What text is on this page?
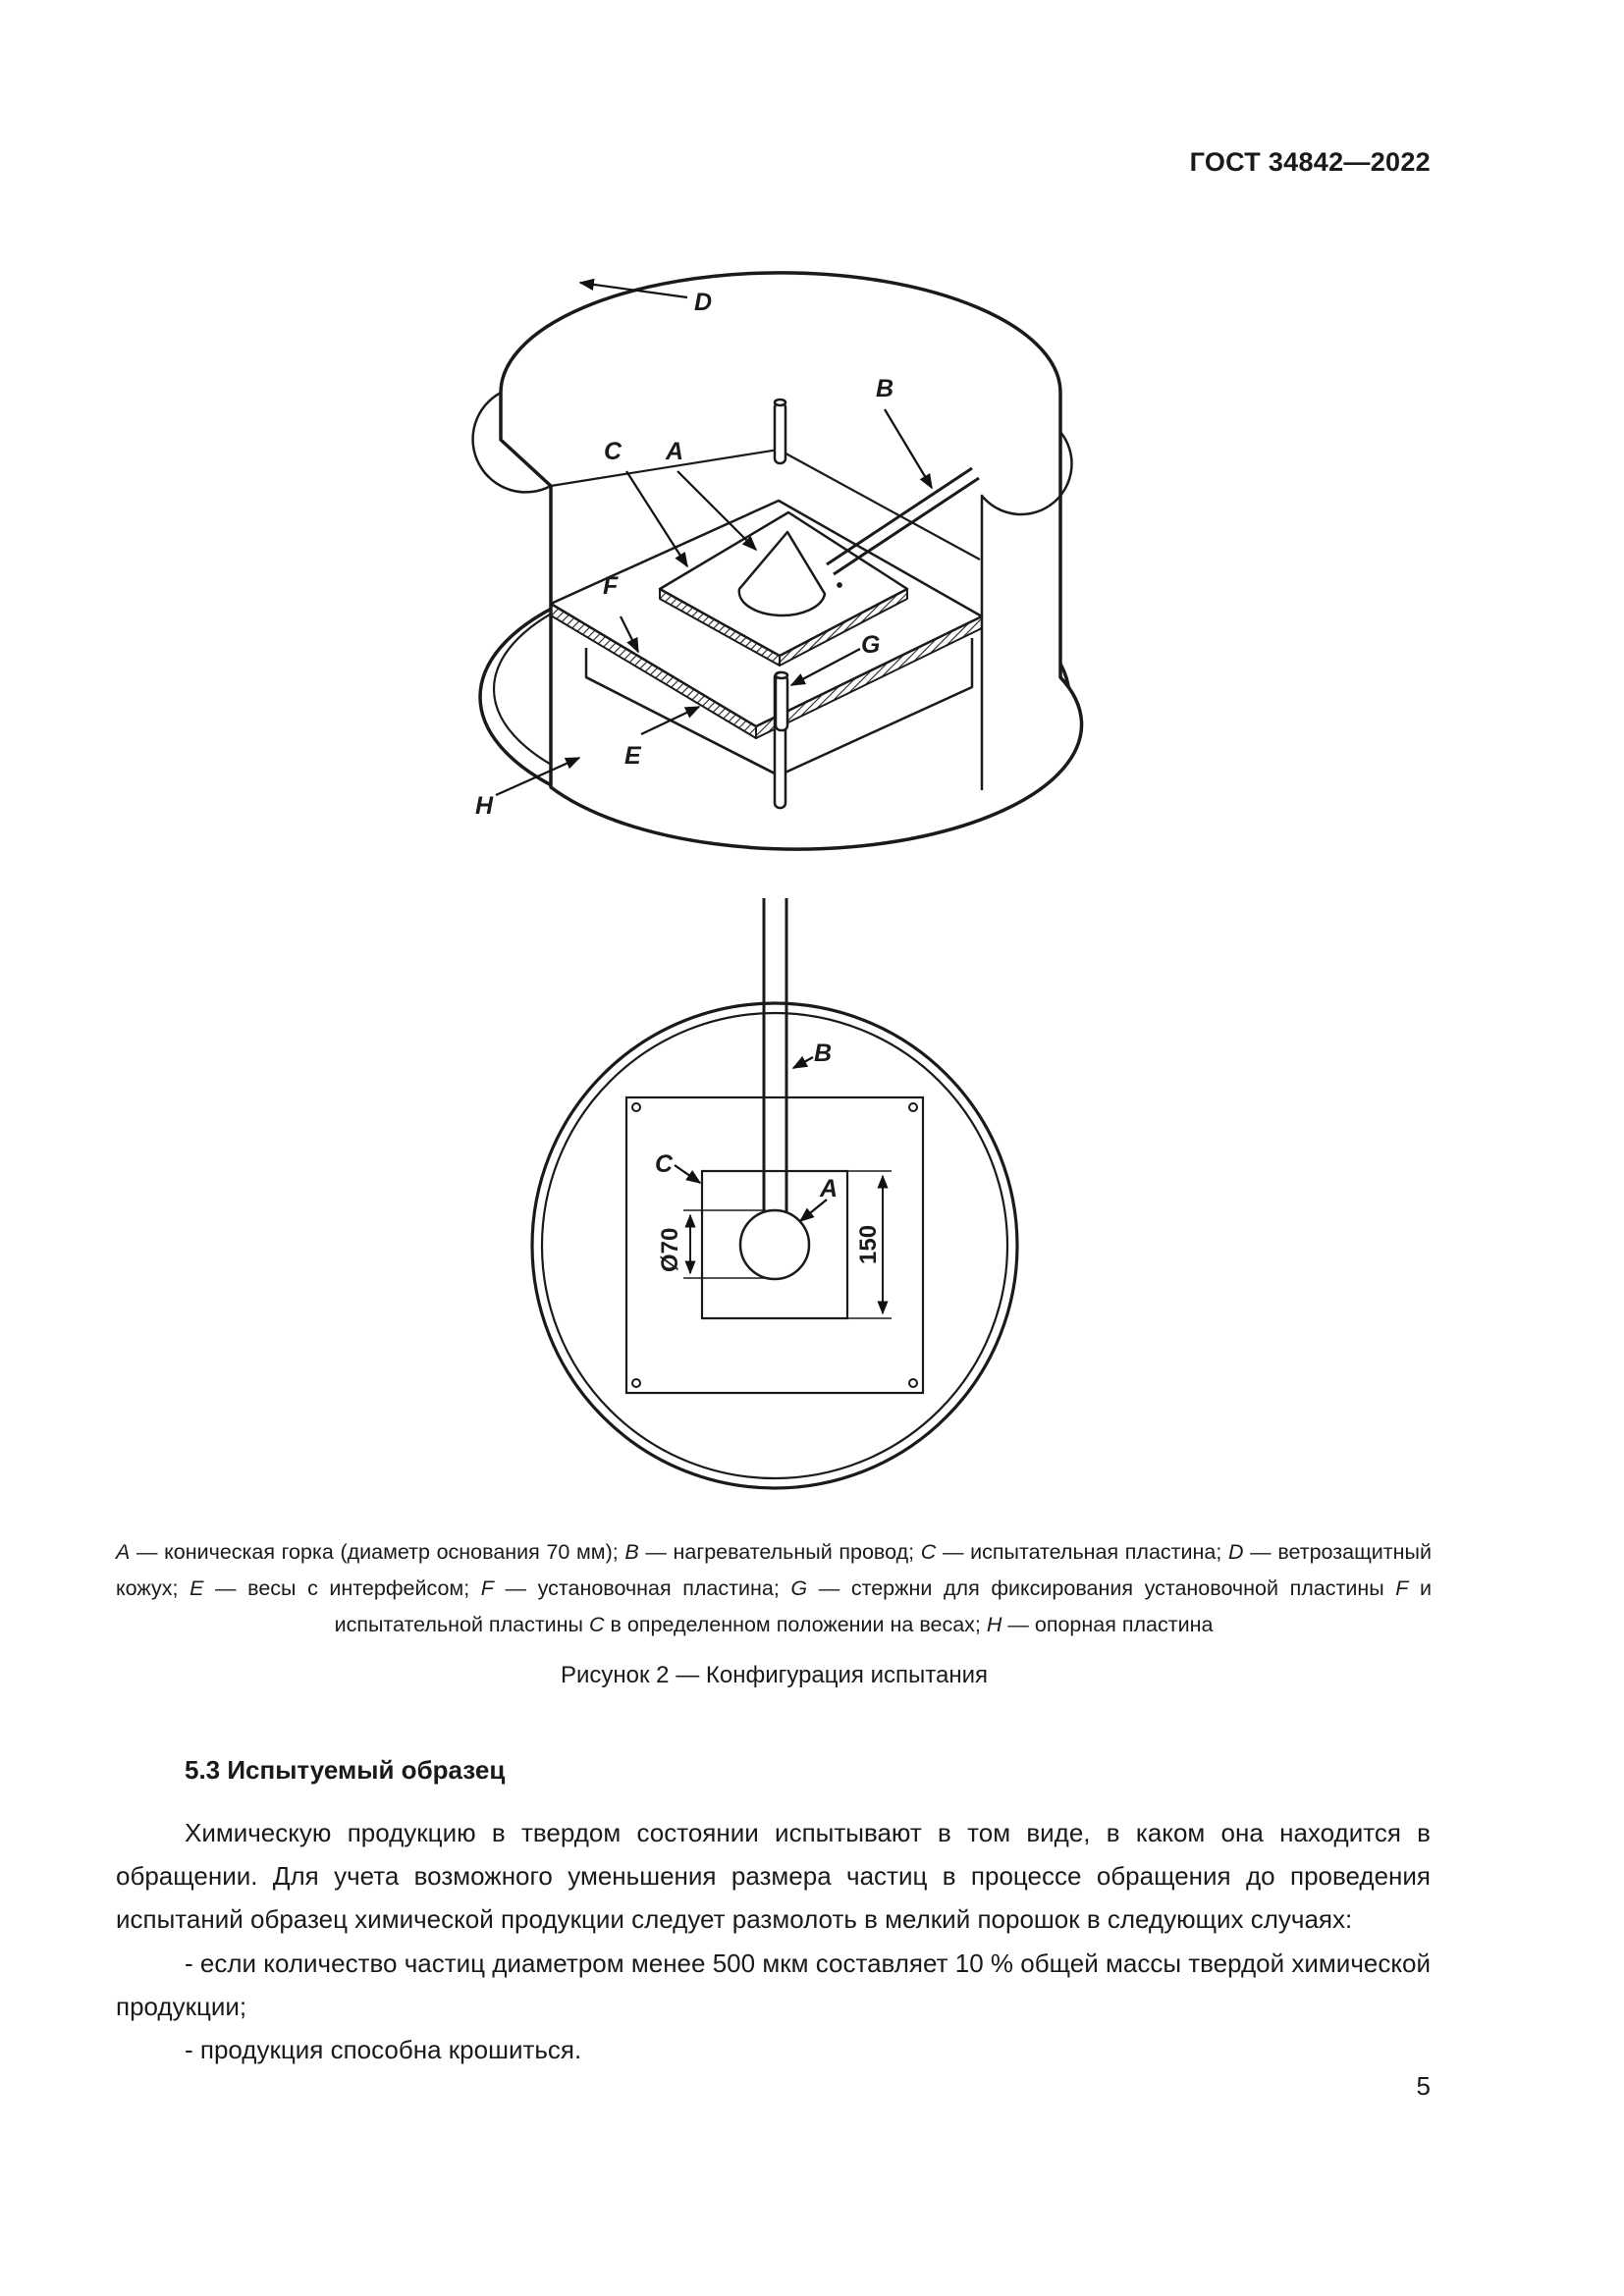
ГОСТ 34842—2022
D
B
C A
F
G
E
H
B
C
A
Ø70	150
A — коническая горка (диаметр основания 70 мм); B — нагревательный провод; C — испытательная пластина; D — ветрозащитный кожух; E — весы с интерфейсом; F — установочная пластина; G — стержни для фиксирования установочной пластины F и испытательной пластины C в определенном положении на весах; H — опорная пластина
Рисунок 2 — Конфигурация испытания
5.3 Испытуемый образец
Химическую продукцию в твердом состоянии испытывают в том виде, в каком она находится в обращении. Для учета возможного уменьшения размера частиц в процессе обращения до проведения испытаний образец химической продукции следует размолоть в мелкий порошок в следующих случаях:
- если количество частиц диаметром менее 500 мкм составляет 10 % общей массы твердой химической продукции;
- продукция способна крошиться.
5
